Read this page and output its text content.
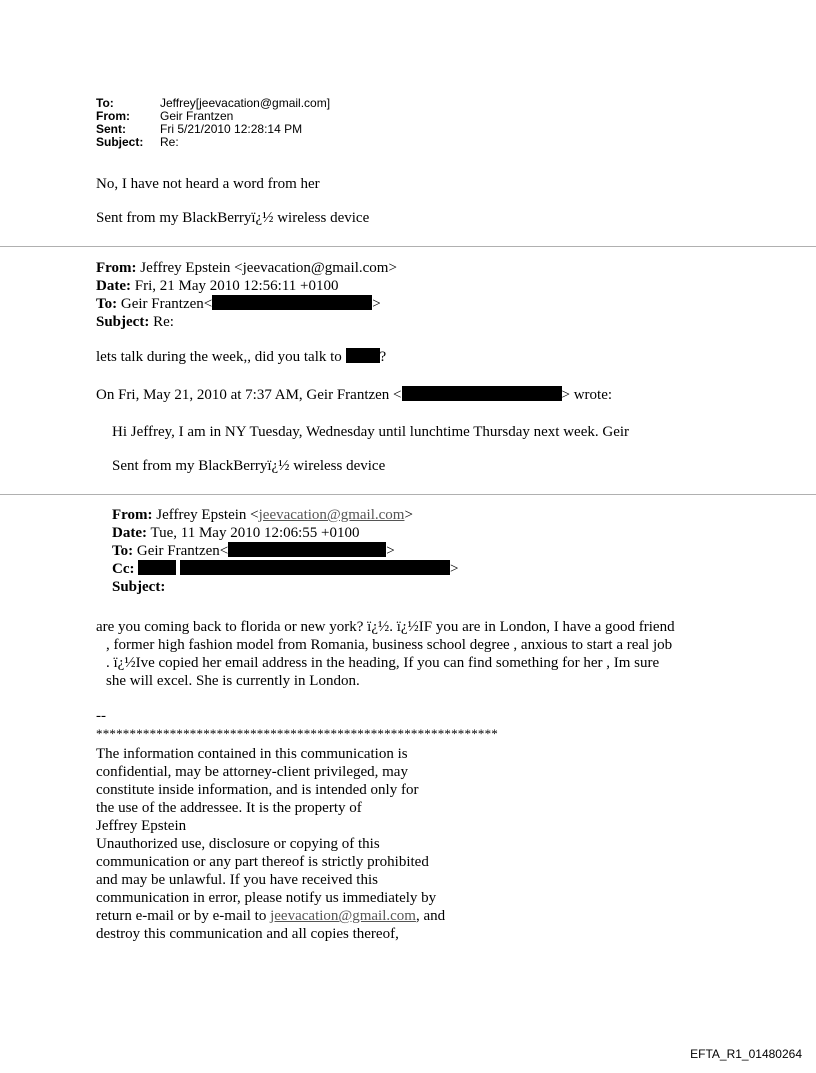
To:	Jeffrey[jeevacation@gmail.com]
From:	Geir Frantzen
Sent:	Fri 5/21/2010 12:28:14 PM
Subject:	Re:
No, I have not heard a word from her
Sent from my BlackBerryï¿½ wireless device
From: Jeffrey Epstein <jeevacation@gmail.com>
Date: Fri, 21 May 2010 12:56:11 +0100
To: Geir Frantzen<	>
Subject: Re:
lets talk during the week,, did you talk to	?
On Fri, May 21, 2010 at 7:37 AM, Geir Frantzen <	> wrote:
Hi Jeffrey, I am in NY Tuesday, Wednesday until lunchtime Thursday next week. Geir
Sent from my BlackBerryï¿½ wireless device
From: Jeffrey Epstein <jeevacation@gmail.com>
Date: Tue, 11 May 2010 12:06:55 +0100
To: Geir Frantzen<	>
Cc:	>
Subject:
are you coming back to florida or new york? ï¿½. ï¿½IF you are in London, I have a good friend
, former high fashion model from Romania, business school degree , anxious to start a real job
. ï¿½Ive copied her email address in the heading, If you can find something for her , Im sure
she will excel. She is currently in London.
--
************************************************************
The information contained in this communication is
confidential, may be attorney-client privileged, may
constitute inside information, and is intended only for
the use of the addressee. It is the property of
Jeffrey Epstein
Unauthorized use, disclosure or copying of this
communication or any part thereof is strictly prohibited
and may be unlawful. If you have received this
communication in error, please notify us immediately by
return e-mail or by e-mail to jeevacation@gmail.com, and
destroy this communication and all copies thereof,
EFTA_R1_01480264
